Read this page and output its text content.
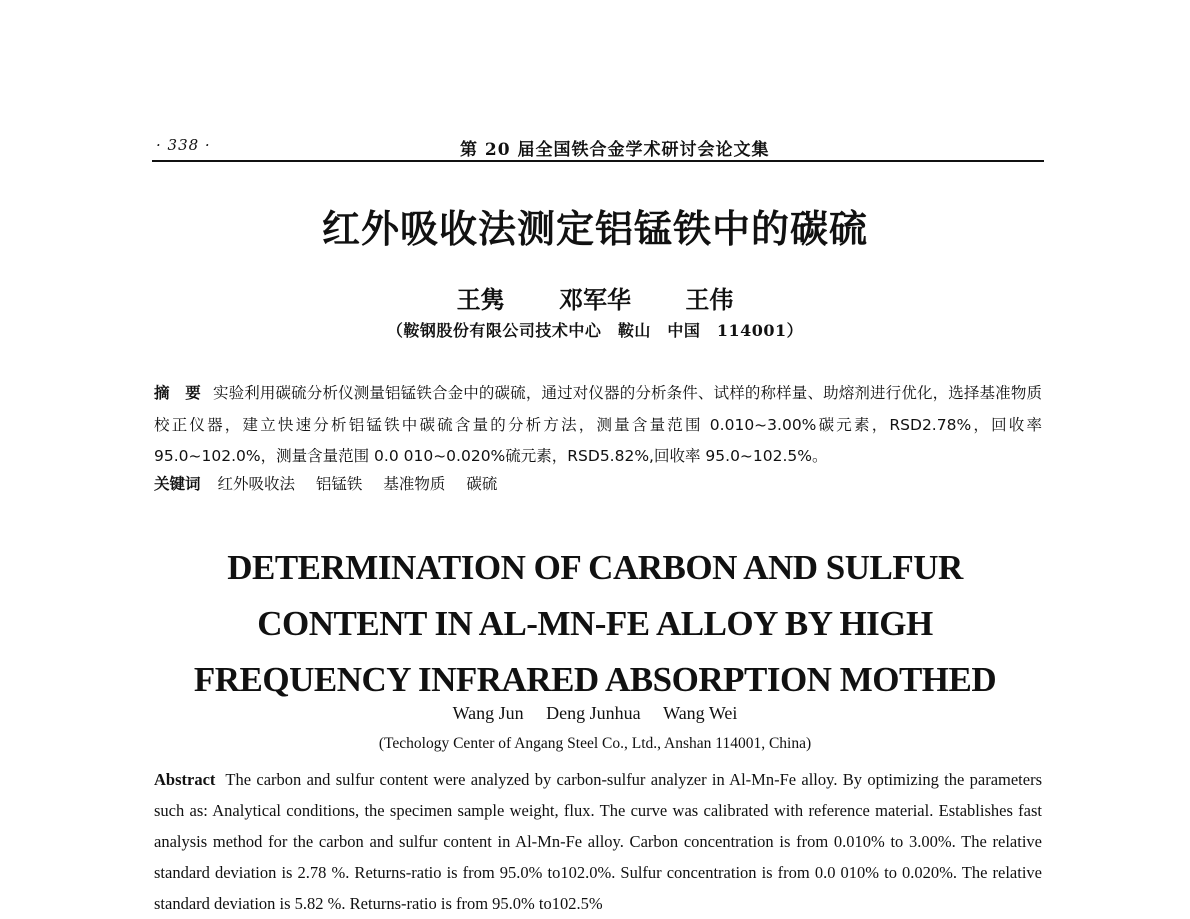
· 338 ·	第 20 届全国铁合金学术研讨会论文集
红外吸收法测定铝锰铁中的碳硫
王隽 邓军华 王伟
（鞍钢股份有限公司技术中心　鞍山　中国　114001）
摘　要 实验利用碳硫分析仪测量铝锰铁合金中的碳硫，通过对仪器的分析条件、试样的称样量、助熔剂进行优化，选择基准物质校正仪器，建立快速分析铝锰铁中碳硫含量的分析方法，测量含量范围 0.010~3.00%碳元素，RSD2.78%，回收率 95.0~102.0%，测量含量范围 0.0 010~0.020%硫元素，RSD5.82%,回收率 95.0~102.5%。
关键词 红外吸收法 铝锰铁 基准物质 碳硫
DETERMINATION OF CARBON AND SULFUR
CONTENT IN AL-MN-FE ALLOY BY HIGH
FREQUENCY INFRARED ABSORPTION MOTHED
Wang Jun Deng Junhua Wang Wei
(Techology Center of Angang Steel Co., Ltd., Anshan 114001, China)
Abstract The carbon and sulfur content were analyzed by carbon-sulfur analyzer in Al-Mn-Fe alloy. By optimizing the parameters such as: Analytical conditions, the specimen sample weight, flux. The curve was calibrated with reference material. Establishes fast analysis method for the carbon and sulfur content in Al-Mn-Fe alloy. Carbon concentration is from 0.010% to 3.00%. The relative standard deviation is 2.78 %. Returns-ratio is from 95.0% to102.0%. Sulfur concentration is from 0.0 010% to 0.020%. The relative standard deviation is 5.82 %. Returns-ratio is from 95.0% to102.5%
